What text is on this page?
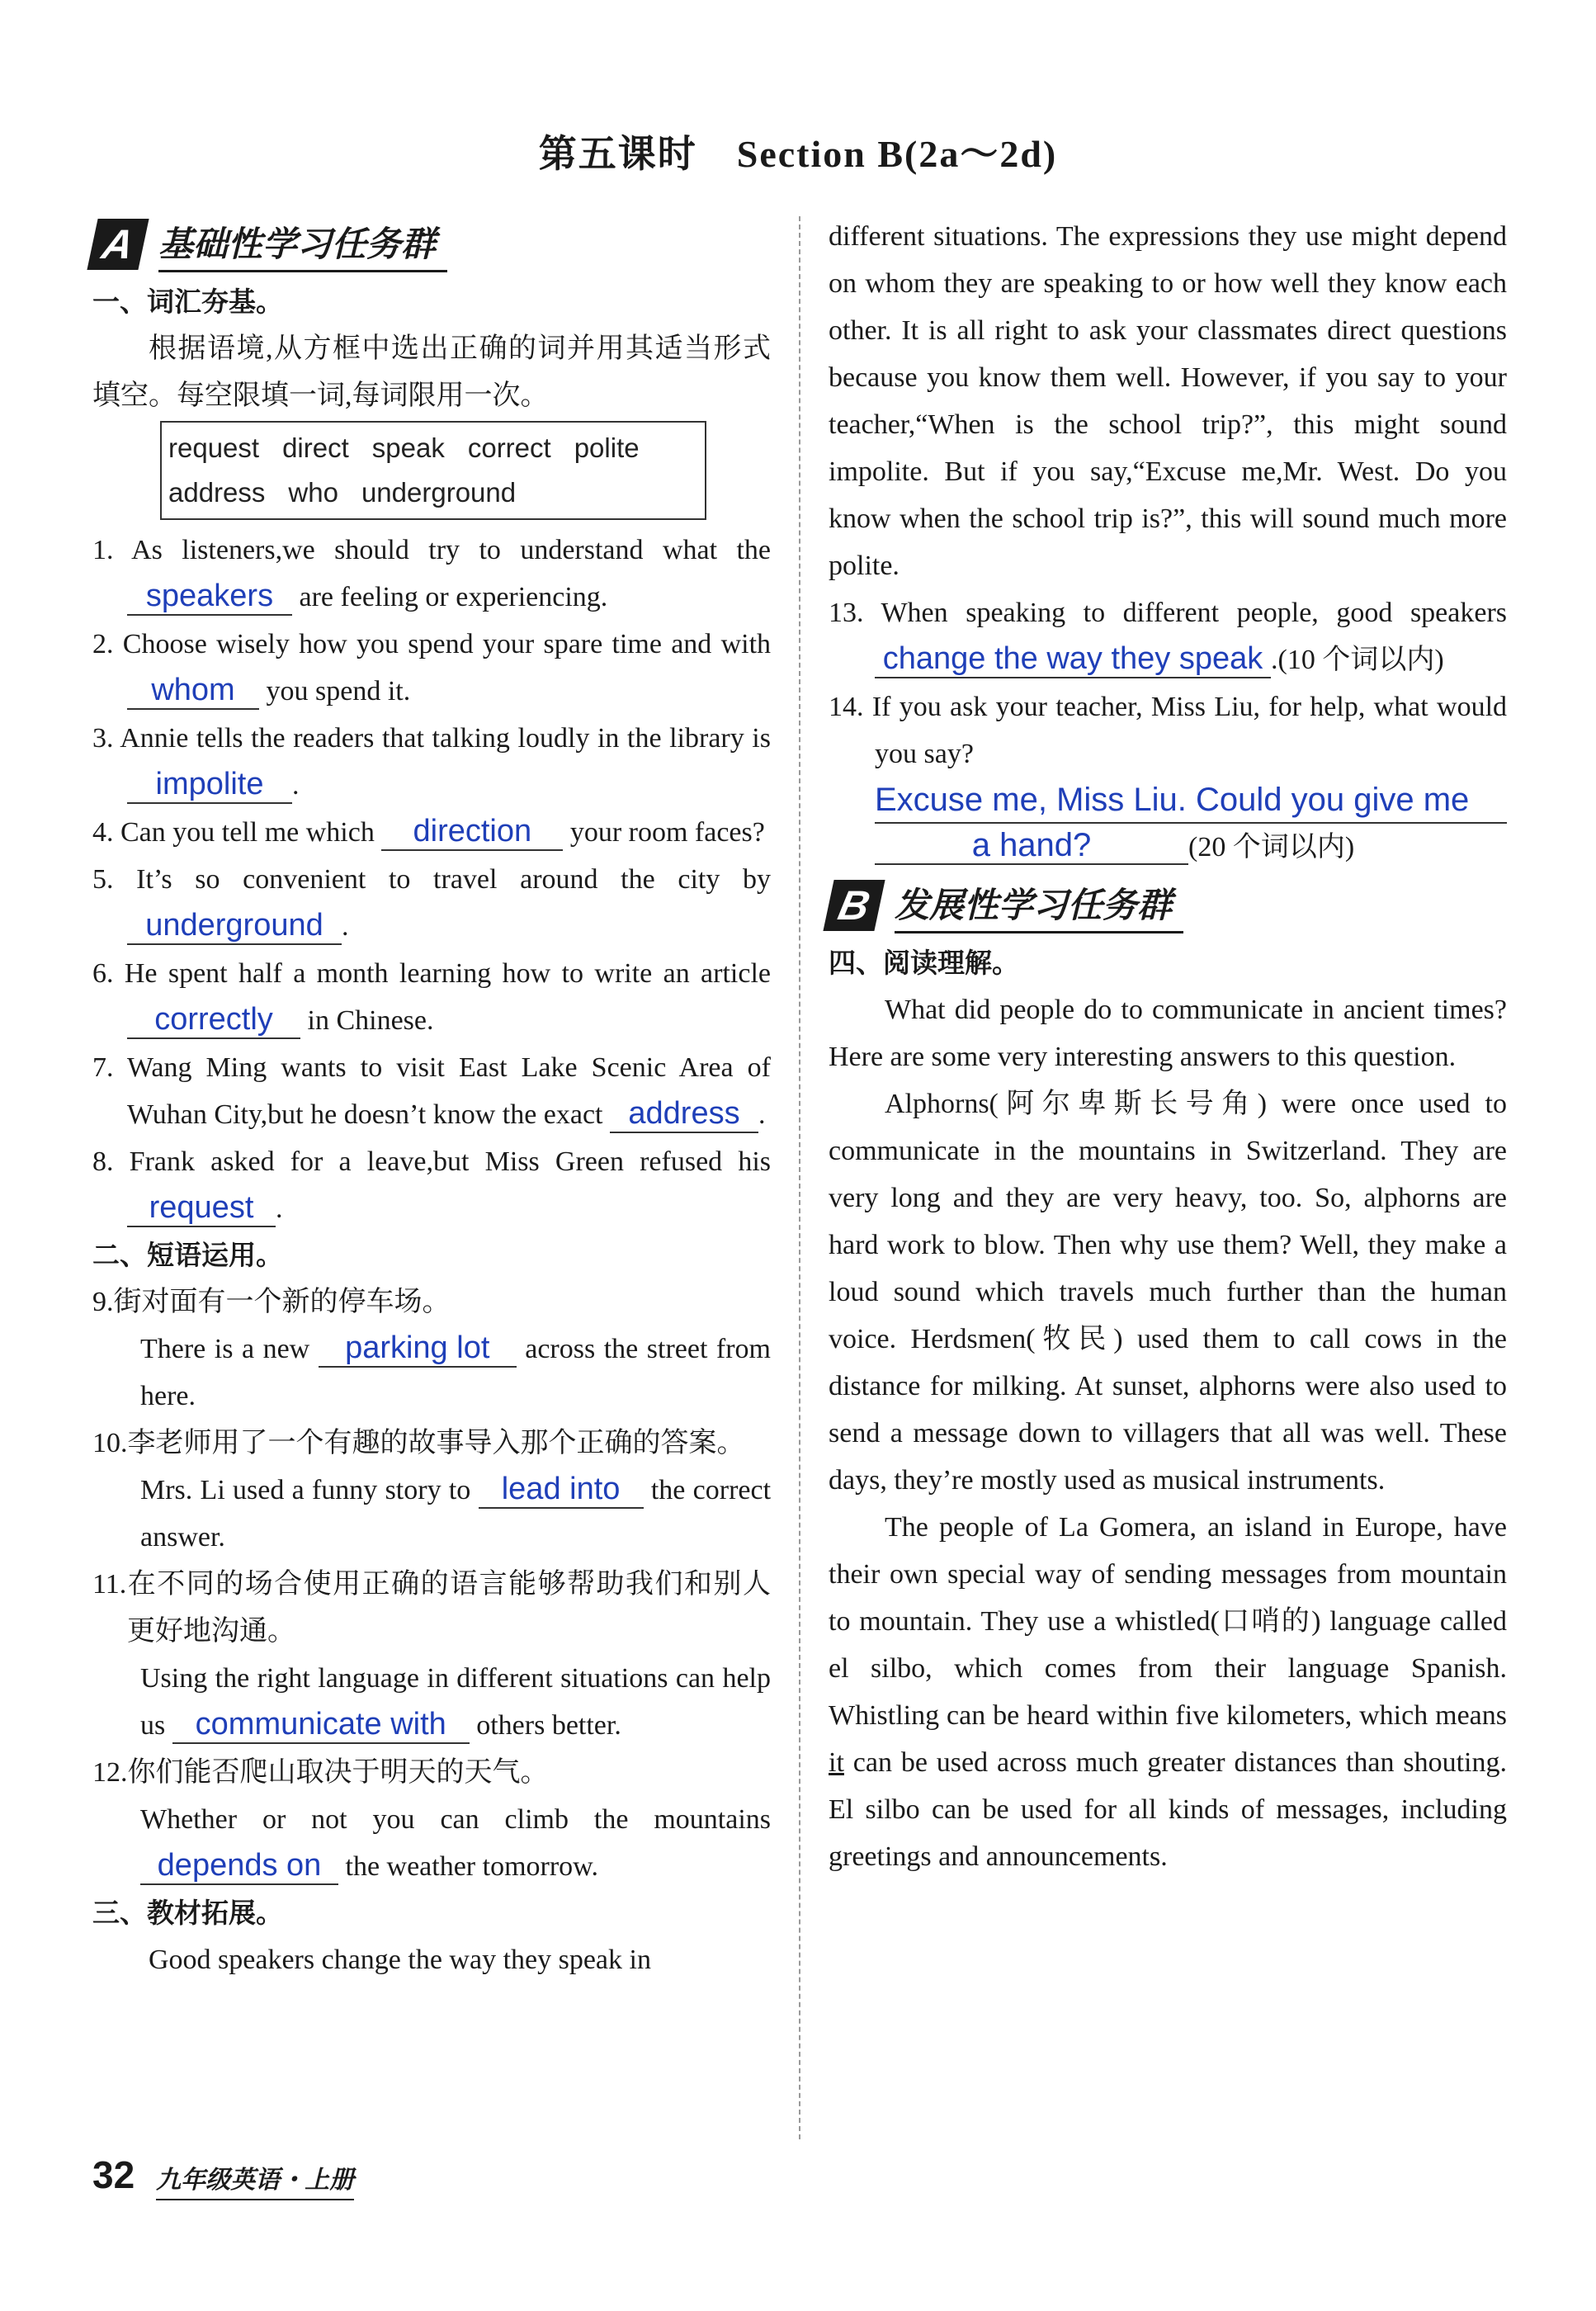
第五课时　Section B(2a～2d)
A 基础性学习任务群
一、词汇夯基。

根据语境,从方框中选出正确的词并用其适当形式填空。每空限填一词,每词限用一次。

request direct speak correct polite
address who underground

1. As listeners,we should try to understand what the speakers are feeling or experiencing.

2. Choose wisely how you spend your spare time and with whom you spend it.

3. Annie tells the readers that talking loudly in the library is impolite .

4. Can you tell me which direction your room faces?

5. It’s so convenient to travel around the city by underground .

6. He spent half a month learning how to write an article correctly in Chinese.

7. Wang Ming wants to visit East Lake Scenic Area of Wuhan City,but he doesn’t know the exact address .

8. Frank asked for a leave,but Miss Green refused his request .

二、短语运用。

9.街对面有一个新的停车场。

There is a new parking lot across the street from here.

10.李老师用了一个有趣的故事导入那个正确的答案。

Mrs. Li used a funny story to lead into the correct answer.

11.在不同的场合使用正确的语言能够帮助我们和别人更好地沟通。

Using the right language in different situations can help us communicate with others better.

12.你们能否爬山取决于明天的天气。

Whether or not you can climb the mountains depends on the weather tomorrow.

三、教材拓展。

Good speakers change the way they speak in

different situations. The expressions they use might depend on whom they are speaking to or how well they know each other. It is all right to ask your classmates direct questions because you know them well. However, if you say to your teacher,“When is the school trip?”, this might sound impolite. But if you say,“Excuse me,Mr. West. Do you know when the school trip is?”, this will sound much more polite.

13. When speaking to different people, good speakers change the way they speak .(10 个词以内)

14. If you ask your teacher, Miss Liu, for help, what would you say?

Excuse me, Miss Liu. Could you give me
a hand?	(20 个词以内)
B 发展性学习任务群
四、阅读理解。

What did people do to communicate in ancient times? Here are some very interesting answers to this question.

Alphorns(阿尔卑斯长号角) were once used to communicate in the mountains in Switzerland. They are very long and they are very heavy, too. So, alphorns are hard work to blow. Then why use them? Well, they make a loud sound which travels much further than the human voice. Herdsmen(牧民) used them to call cows in the distance for milking. At sunset, alphorns were also used to send a message down to villagers that all was well. These days, they’re mostly used as musical instruments.

The people of La Gomera, an island in Europe, have their own special way of sending messages from mountain to mountain. They use a whistled(口哨的) language called el silbo, which comes from their language Spanish. Whistling can be heard within five kilometers, which means it can be used across much greater distances than shouting. El silbo can be used for all kinds of messages, including greetings and announcements.

32 九年级英语・上册
